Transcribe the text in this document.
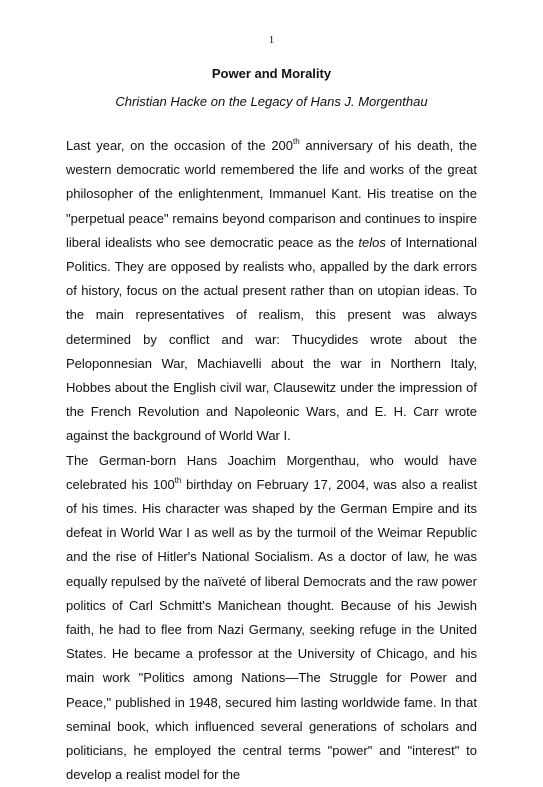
1
Power and Morality
Christian Hacke on the Legacy of Hans J. Morgenthau

Last year, on the occasion of the 200th anniversary of his death, the western democratic world remembered the life and works of the great philosopher of the enlightenment, Immanuel Kant. His treatise on the "perpetual peace" remains beyond comparison and continues to inspire liberal idealists who see democratic peace as the telos of International Politics. They are opposed by realists who, appalled by the dark errors of history, focus on the actual present rather than on utopian ideas. To the main representatives of realism, this present was always determined by conflict and war: Thucydides wrote about the Peloponnesian War, Machiavelli about the war in Northern Italy, Hobbes about the English civil war, Clausewitz under the impression of the French Revolution and Napoleonic Wars, and E. H. Carr wrote against the background of World War I.

The German-born Hans Joachim Morgenthau, who would have celebrated his 100th birthday on February 17, 2004, was also a realist of his times. His character was shaped by the German Empire and its defeat in World War I as well as by the turmoil of the Weimar Republic and the rise of Hitler's National Socialism. As a doctor of law, he was equally repulsed by the naïveté of liberal Democrats and the raw power politics of Carl Schmitt's Manichean thought. Because of his Jewish faith, he had to flee from Nazi Germany, seeking refuge in the United States. He became a professor at the University of Chicago, and his main work "Politics among Nations—The Struggle for Power and Peace," published in 1948, secured him lasting worldwide fame. In that seminal book, which influenced several generations of scholars and politicians, he employed the central terms "power" and "interest" to develop a realist model for the
